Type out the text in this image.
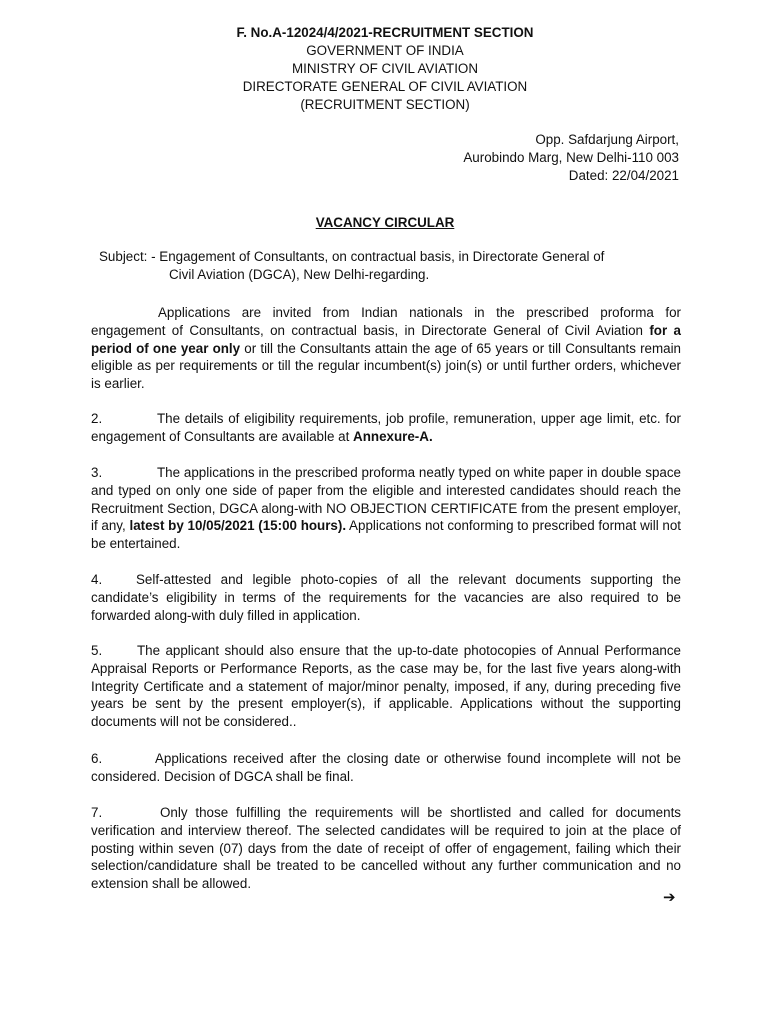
F. No.A-12024/4/2021-RECRUITMENT SECTION
GOVERNMENT OF INDIA
MINISTRY OF CIVIL AVIATION
DIRECTORATE GENERAL OF CIVIL AVIATION
(RECRUITMENT SECTION)
Opp. Safdarjung Airport,
Aurobindo Marg, New Delhi-110 003
Dated: 22/04/2021
VACANCY CIRCULAR
Subject: - Engagement of Consultants, on contractual basis, in Directorate General of
Civil Aviation (DGCA), New Delhi-regarding.
Applications are invited from Indian nationals in the prescribed proforma for engagement of Consultants, on contractual basis, in Directorate General of Civil Aviation for a period of one year only or till the Consultants attain the age of 65 years or till Consultants remain eligible as per requirements or till the regular incumbent(s) join(s) or until further orders, whichever is earlier.
2.	The details of eligibility requirements, job profile, remuneration, upper age limit, etc. for engagement of Consultants are available at Annexure-A.
3.	The applications in the prescribed proforma neatly typed on white paper in double space and typed on only one side of paper from the eligible and interested candidates should reach the Recruitment Section, DGCA along-with NO OBJECTION CERTIFICATE from the present employer, if any, latest by 10/05/2021 (15:00 hours). Applications not conforming to prescribed format will not be entertained.
4.	Self-attested and legible photo-copies of all the relevant documents supporting the candidate’s eligibility in terms of the requirements for the vacancies are also required to be forwarded along-with duly filled in application.
5.	The applicant should also ensure that the up-to-date photocopies of Annual Performance Appraisal Reports or Performance Reports, as the case may be, for the last five years along-with Integrity Certificate and a statement of major/minor penalty, imposed, if any, during preceding five years be sent by the present employer(s), if applicable. Applications without the supporting documents will not be considered..
6.	Applications received after the closing date or otherwise found incomplete will not be considered. Decision of DGCA shall be final.
7.	Only those fulfilling the requirements will be shortlisted and called for documents verification and interview thereof. The selected candidates will be required to join at the place of posting within seven (07) days from the date of receipt of offer of engagement, failing which their selection/candidature shall be treated to be cancelled without any further communication and no extension shall be allowed.
➔
